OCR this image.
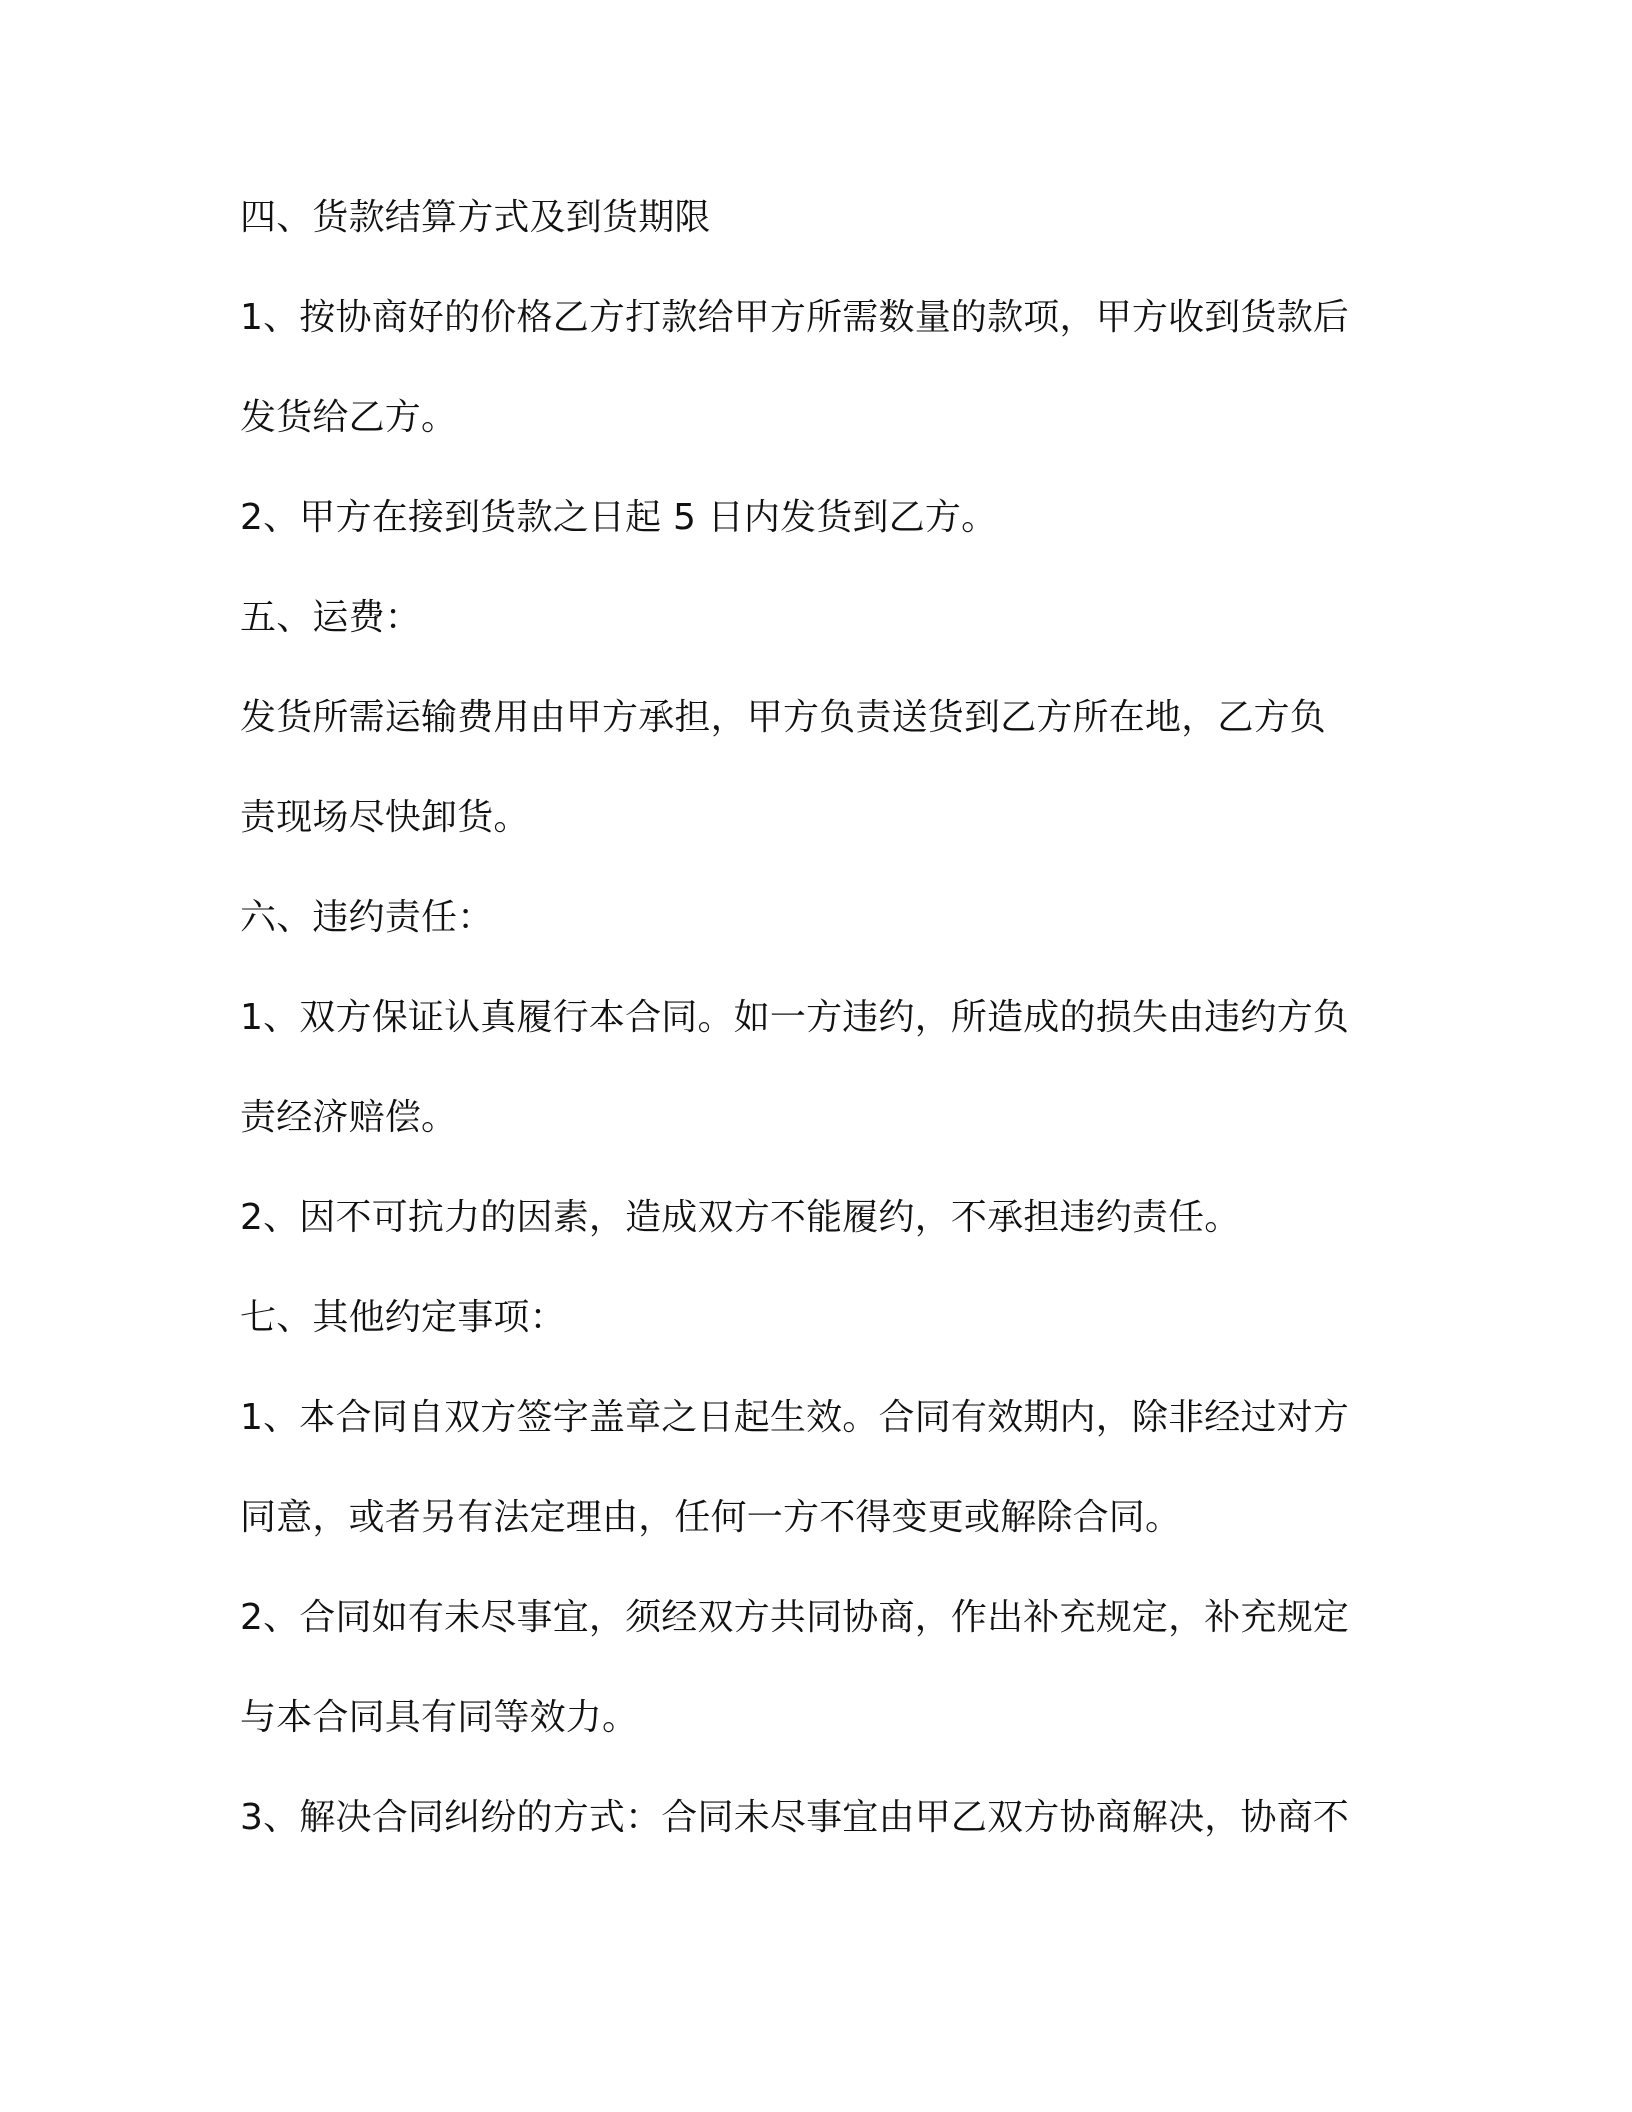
四、货款结算方式及到货期限
1、按协商好的价格乙方打款给甲方所需数量的款项，甲方收到货款后
发货给乙方。
2、甲方在接到货款之日起 5 日内发货到乙方。
五、运费：
发货所需运输费用由甲方承担，甲方负责送货到乙方所在地，乙方负
责现场尽快卸货。
六、违约责任：
1、双方保证认真履行本合同。如一方违约，所造成的损失由违约方负
责经济赔偿。
2、因不可抗力的因素，造成双方不能履约，不承担违约责任。
七、其他约定事项：
1、本合同自双方签字盖章之日起生效。合同有效期内，除非经过对方
同意，或者另有法定理由，任何一方不得变更或解除合同。
2、合同如有未尽事宜，须经双方共同协商，作出补充规定，补充规定
与本合同具有同等效力。
3、解决合同纠纷的方式：合同未尽事宜由甲乙双方协商解决，协商不
